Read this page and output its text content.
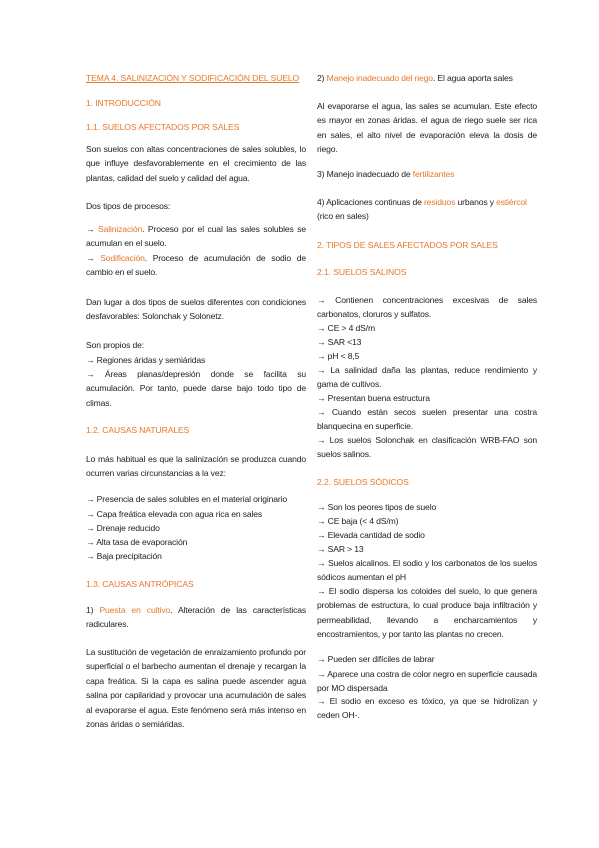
TEMA 4. SALINIZACIÓN Y SODIFICACIÓN DEL SUELO
1. INTRODUCCIÓN
1.1. SUELOS AFECTADOS POR SALES

Son suelos con altas concentraciones de sales solubles, lo que influye desfavorablemente en el crecimiento de las plantas, calidad del suelo y calidad del agua.

Dos tipos de procesos:

→ Salinización. Proceso por el cual las sales solubles se acumulan en el suelo.

→ Sodificación. Proceso de acumulación de sodio de cambio en el suelo.

Dan lugar a dos tipos de suelos diferentes con condiciones desfavorables: Solonchak y Solonetz.

Son propios de:

→ Regiones áridas y semiáridas

→ Áreas planas/depresión donde se facilita su acumulación. Por tanto, puede darse bajo todo tipo de climas.

1.2. CAUSAS NATURALES

Lo más habitual es que la salinización se produzca cuando ocurren varias circunstancias a la vez:

→ Presencia de sales solubles en el material originario

→ Capa freática elevada con agua rica en sales

→ Drenaje reducido

→ Alta tasa de evaporación

→ Baja precipitación

1.3. CAUSAS ANTRÓPICAS

1) Puesta en cultivo. Alteración de las características radiculares.

La sustitución de vegetación de enraizamiento profundo por superficial o el barbecho aumentan el drenaje y recargan la capa freática. Si la capa es salina puede ascender agua salina por capilaridad y provocar una acumulación de sales al evaporarse el agua. Este fenómeno será más intenso en zonas áridas o semiáridas.

2) Manejo inadecuado del riego. El agua aporta sales

Al evaporarse el agua, las sales se acumulan. Este efecto es mayor en zonas áridas. el agua de riego suele ser rica en sales, el alto nivel de evaporación eleva la dosis de riego.

3) Manejo inadecuado de fertilizantes

4) Aplicaciones continuas de residuos urbanos y estiércol (rico en sales)

2. TIPOS DE SALES AFECTADOS POR SALES
2.1. SUELOS SALINOS

→ Contienen concentraciones excesivas de sales carbonatos, cloruros y sulfatos.

→ CE > 4 dS/m

→ SAR <13

→ pH < 8,5

→ La salinidad daña las plantas, reduce rendimiento y gama de cultivos.

→ Presentan buena estructura

→ Cuando están secos suelen presentar una costra blanquecina en superficie.

→ Los suelos Solonchak en clasificación WRB-FAO son suelos salinos.

2.2. SUELOS SÓDICOS

→ Son los peores tipos de suelo

→ CE baja (< 4 dS/m)

→ Elevada cantidad de sodio

→ SAR > 13

→ Suelos alcalinos. El sodio y los carbonatos de los suelos sódicos aumentan el pH

→ El sodio dispersa los coloides del suelo, lo que genera problemas de estructura, lo cual produce baja infiltración y permeabilidad, llevando a encharcamientos y encostramientos, y por tanto las plantas no crecen.

→ Pueden ser difíciles de labrar

→ Aparece una costra de color negro en superficie causada por MO dispersada

→ El sodio en exceso es tóxico, ya que se hidrolizan y ceden OH-.
